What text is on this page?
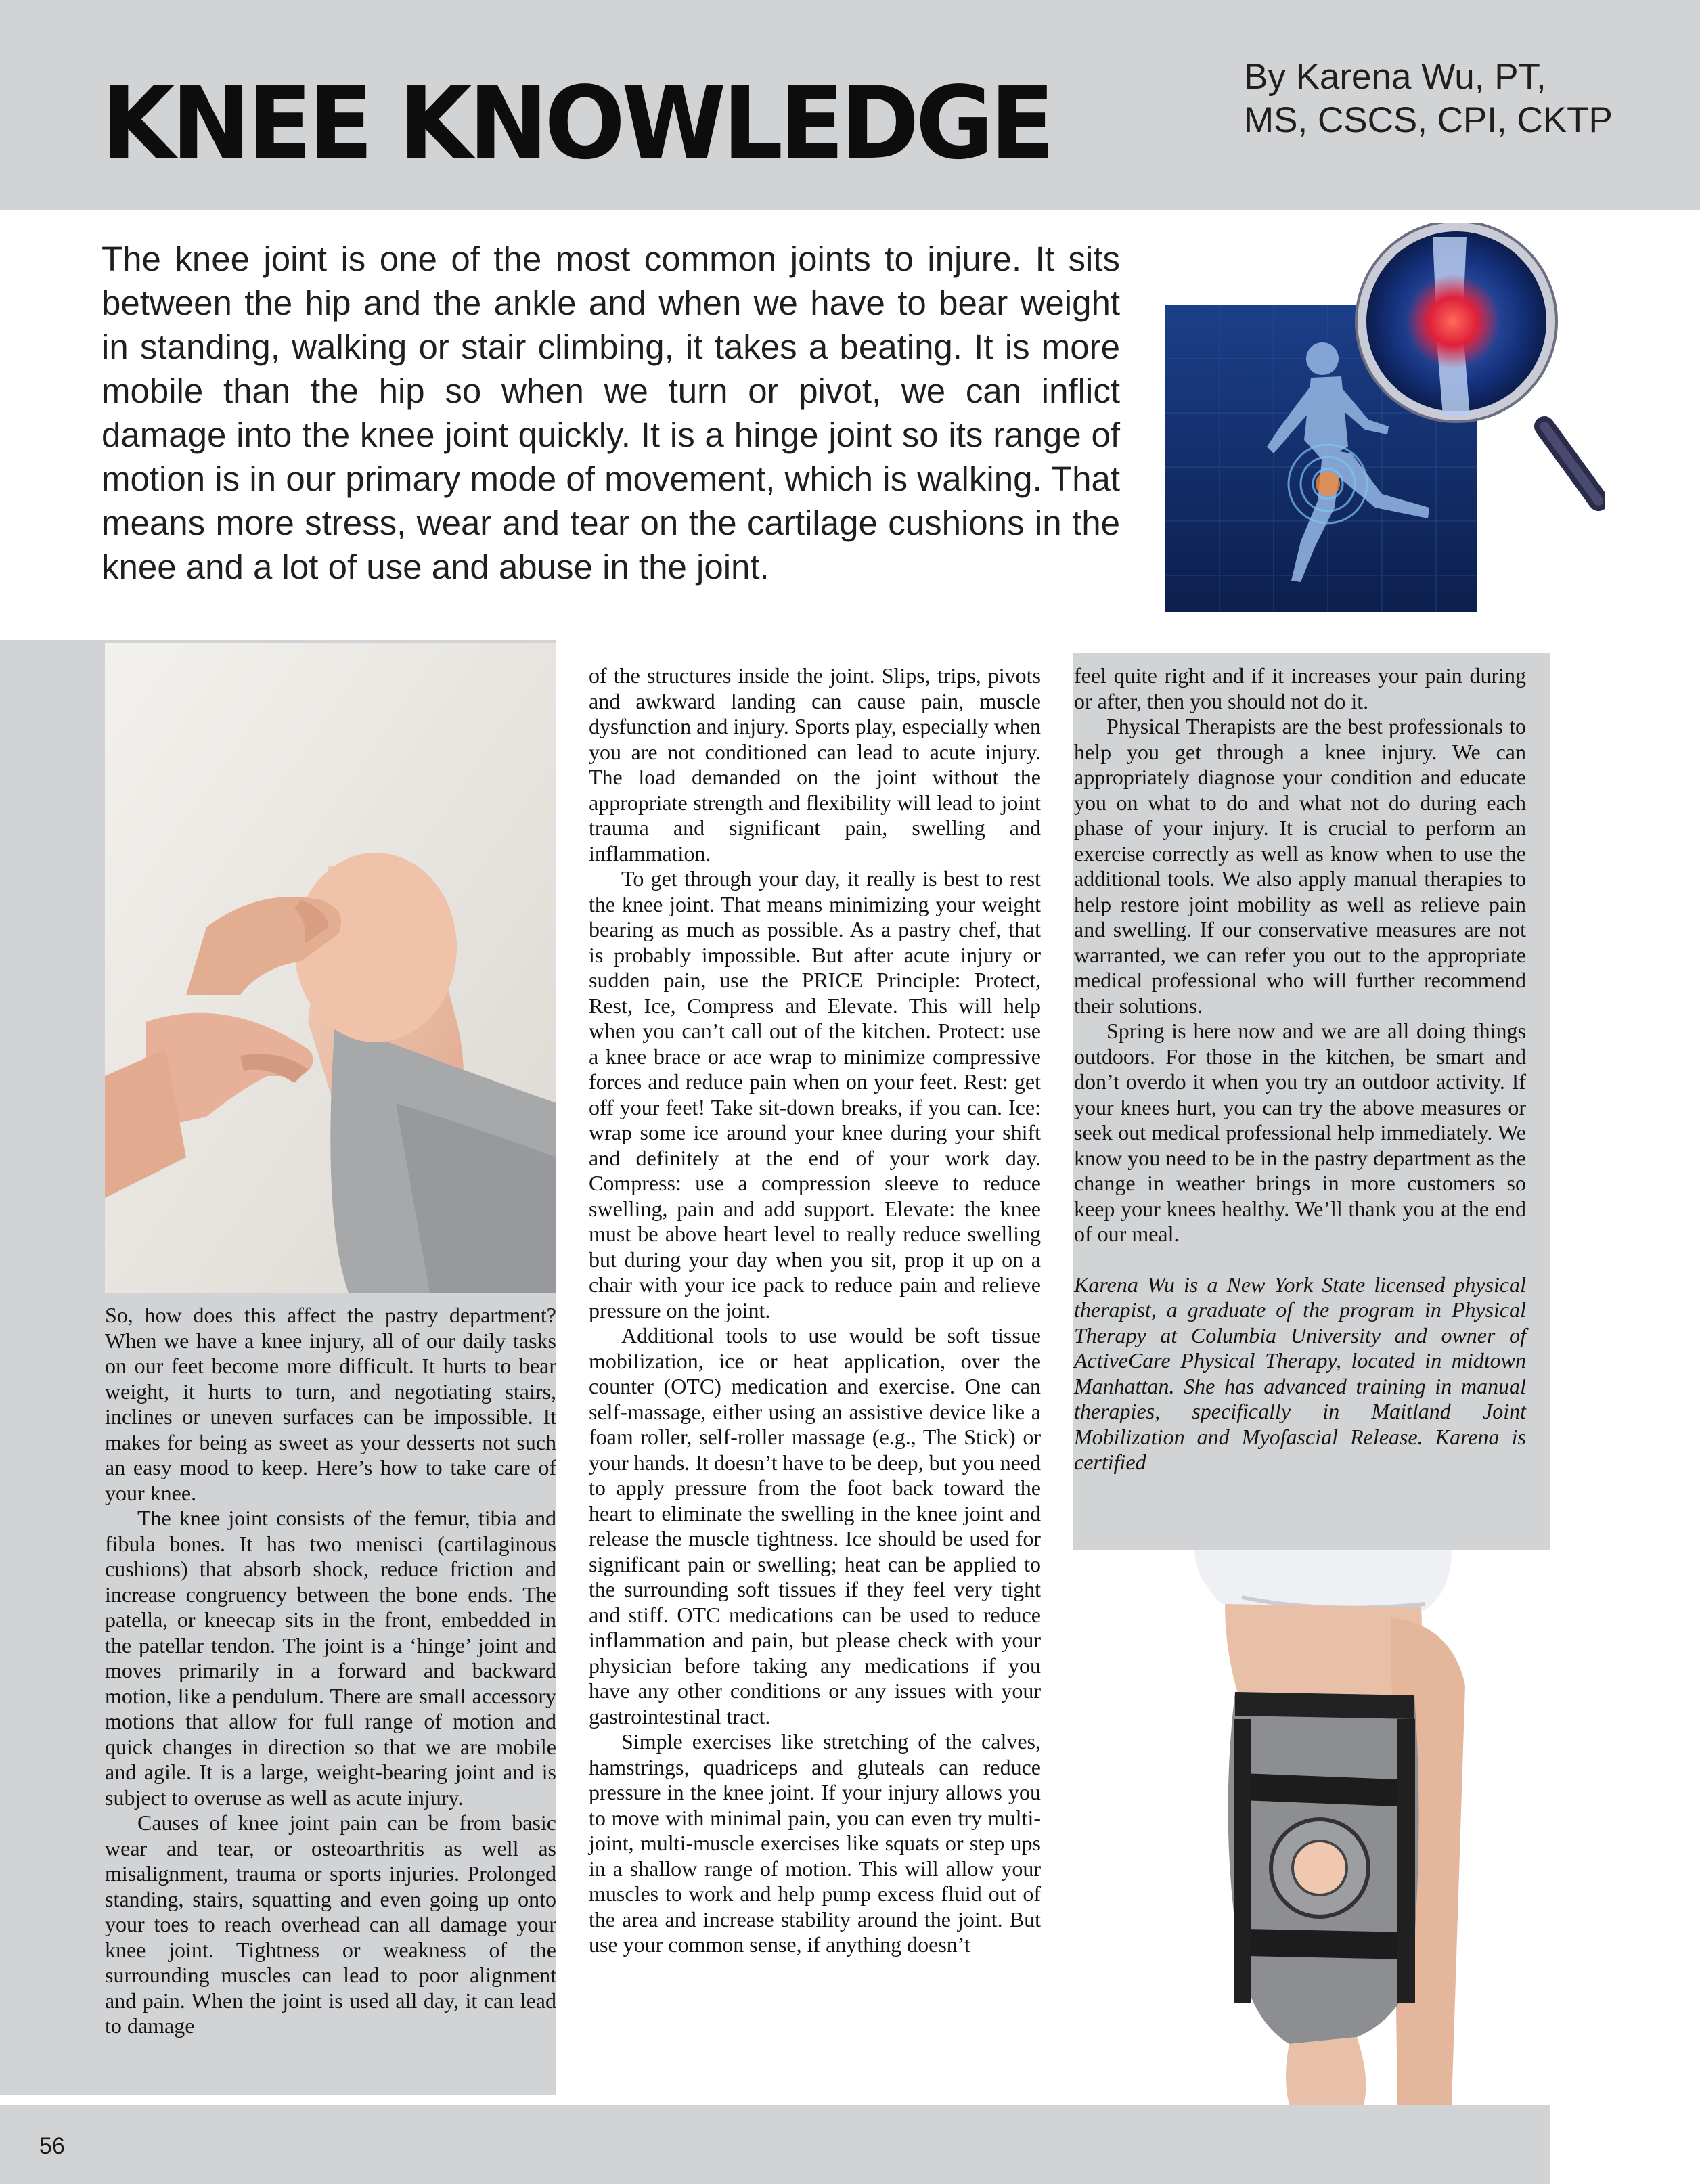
KNEE KNOWLEDGE	By Karena Wu, PT,
MS, CSCS, CPI, CKTP

The knee joint is one of the most common joints to injure. It sits between the hip and the ankle and when we have to bear weight in standing, walking or stair climbing, it takes a beating. It is more mobile than the hip so when we turn or pivot, we can inflict damage into the knee joint quickly. It is a hinge joint so its range of motion is in our primary mode of movement, which is walking. That means more stress, wear and tear on the cartilage cushions in the knee and a lot of use and abuse in the joint.

So, how does this affect the pastry department? When we have a knee injury, all of our daily tasks on our feet become more difficult. It hurts to bear weight, it hurts to turn, and negotiating stairs, inclines or uneven surfaces can be impossible. It makes for being as sweet as your desserts not such an easy mood to keep. Here’s how to take care of your knee.

The knee joint consists of the femur, tibia and fibula bones. It has two menisci (cartilaginous cushions) that absorb shock, reduce friction and increase congruency between the bone ends. The patella, or kneecap sits in the front, embedded in the patellar tendon. The joint is a ‘hinge’ joint and moves primarily in a forward and backward motion, like a pendulum. There are small accessory motions that allow for full range of motion and quick changes in direction so that we are mobile and agile. It is a large, weight-bearing joint and is subject to overuse as well as acute injury.

Causes of knee joint pain can be from basic wear and tear, or osteoarthritis as well as misalignment, trauma or sports injuries. Prolonged standing, stairs, squatting and even going up onto your toes to reach overhead can all damage your knee joint. Tightness or weakness of the surrounding muscles can lead to poor alignment and pain. When the joint is used all day, it can lead to damage

of the structures inside the joint. Slips, trips, pivots and awkward landing can cause pain, muscle dysfunction and injury. Sports play, especially when you are not conditioned can lead to acute injury. The load demanded on the joint without the appropriate strength and flexibility will lead to joint trauma and significant pain, swelling and inflammation.

To get through your day, it really is best to rest the knee joint. That means minimizing your weight bearing as much as possible. As a pastry chef, that is probably impossible. But after acute injury or sudden pain, use the PRICE Principle: Protect, Rest, Ice, Compress and Elevate. This will help when you can’t call out of the kitchen. Protect: use a knee brace or ace wrap to minimize compressive forces and reduce pain when on your feet. Rest: get off your feet! Take sit-down breaks, if you can. Ice: wrap some ice around your knee during your shift and definitely at the end of your work day. Compress: use a compression sleeve to reduce swelling, pain and add support. Elevate: the knee must be above heart level to really reduce swelling but during your day when you sit, prop it up on a chair with your ice pack to reduce pain and relieve pressure on the joint.

Additional tools to use would be soft tissue mobilization, ice or heat application, over the counter (OTC) medication and exercise. One can self-massage, either using an assistive device like a foam roller, self-roller massage (e.g., The Stick) or your hands. It doesn’t have to be deep, but you need to apply pressure from the foot back toward the heart to eliminate the swelling in the knee joint and release the muscle tightness. Ice should be used for significant pain or swelling; heat can be applied to the surrounding soft tissues if they feel very tight and stiff. OTC medications can be used to reduce inflammation and pain, but please check with your physician before taking any medications if you have any other conditions or any issues with your gastrointestinal tract.

Simple exercises like stretching of the calves, hamstrings, quadriceps and gluteals can reduce pressure in the knee joint. If your injury allows you to move with minimal pain, you can even try multi-joint, multi-muscle exercises like squats or step ups in a shallow range of motion. This will allow your muscles to work and help pump excess fluid out of the area and increase stability around the joint. But use your common sense, if anything doesn’t

feel quite right and if it increases your pain during or after, then you should not do it.

Physical Therapists are the best professionals to help you get through a knee injury. We can appropriately diagnose your condition and educate you on what to do and what not do during each phase of your injury. It is crucial to perform an exercise correctly as well as know when to use the additional tools. We also apply manual therapies to help restore joint mobility as well as relieve pain and swelling. If our conservative measures are not warranted, we can refer you out to the appropriate medical professional who will further recommend their solutions.

Spring is here now and we are all doing things outdoors. For those in the kitchen, be smart and don’t overdo it when you try an outdoor activity. If your knees hurt, you can try the above measures or seek out medical professional help immediately. We know you need to be in the pastry department as the change in weather brings in more customers so keep your knees healthy. We’ll thank you at the end of our meal.

Karena Wu is a New York State licensed physical therapist, a graduate of the program in Physical Therapy at Columbia University and owner of ActiveCare Physical Therapy, located in midtown Manhattan. She has advanced training in manual therapies, specifically in Maitland Joint Mobilization and Myofascial Release. Karena is certified

56
